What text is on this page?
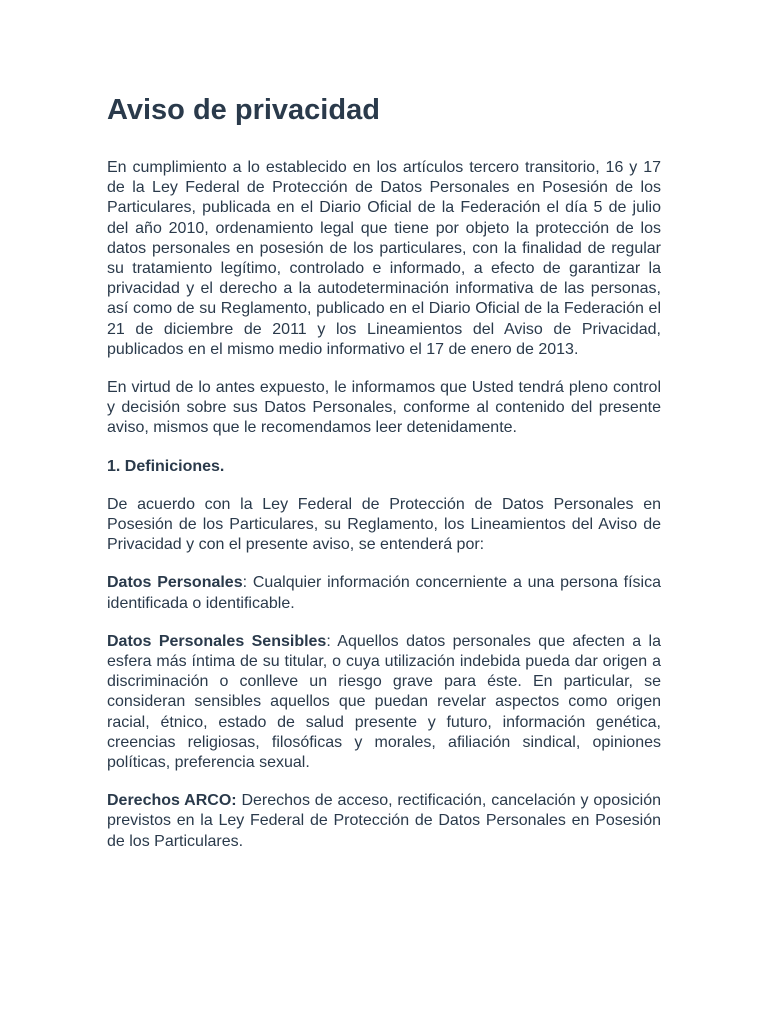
Aviso de privacidad

En cumplimiento a lo establecido en los artículos tercero transitorio, 16 y 17 de la Ley Federal de Protección de Datos Personales en Posesión de los Particulares, publicada en el Diario Oficial de la Federación el día 5 de julio del año 2010, ordenamiento legal que tiene por objeto la protección de los datos personales en posesión de los particulares, con la finalidad de regular su tratamiento legítimo, controlado e informado, a efecto de garantizar la privacidad y el derecho a la autodeterminación informativa de las personas, así como de su Reglamento, publicado en el Diario Oficial de la Federación el 21 de diciembre de 2011 y los Lineamientos del Aviso de Privacidad, publicados en el mismo medio informativo el 17 de enero de 2013.

En virtud de lo antes expuesto, le informamos que Usted tendrá pleno control y decisión sobre sus Datos Personales, conforme al contenido del presente aviso, mismos que le recomendamos leer detenidamente.

1. Definiciones.

De acuerdo con la Ley Federal de Protección de Datos Personales en Posesión de los Particulares, su Reglamento, los Lineamientos del Aviso de Privacidad y con el presente aviso, se entenderá por:

Datos Personales: Cualquier información concerniente a una persona física identificada o identificable.

Datos Personales Sensibles: Aquellos datos personales que afecten a la esfera más íntima de su titular, o cuya utilización indebida pueda dar origen a discriminación o conlleve un riesgo grave para éste. En particular, se consideran sensibles aquellos que puedan revelar aspectos como origen racial, étnico, estado de salud presente y futuro, información genética, creencias religiosas, filosóficas y morales, afiliación sindical, opiniones políticas, preferencia sexual.

Derechos ARCO: Derechos de acceso, rectificación, cancelación y oposición previstos en la Ley Federal de Protección de Datos Personales en Posesión de los Particulares.
